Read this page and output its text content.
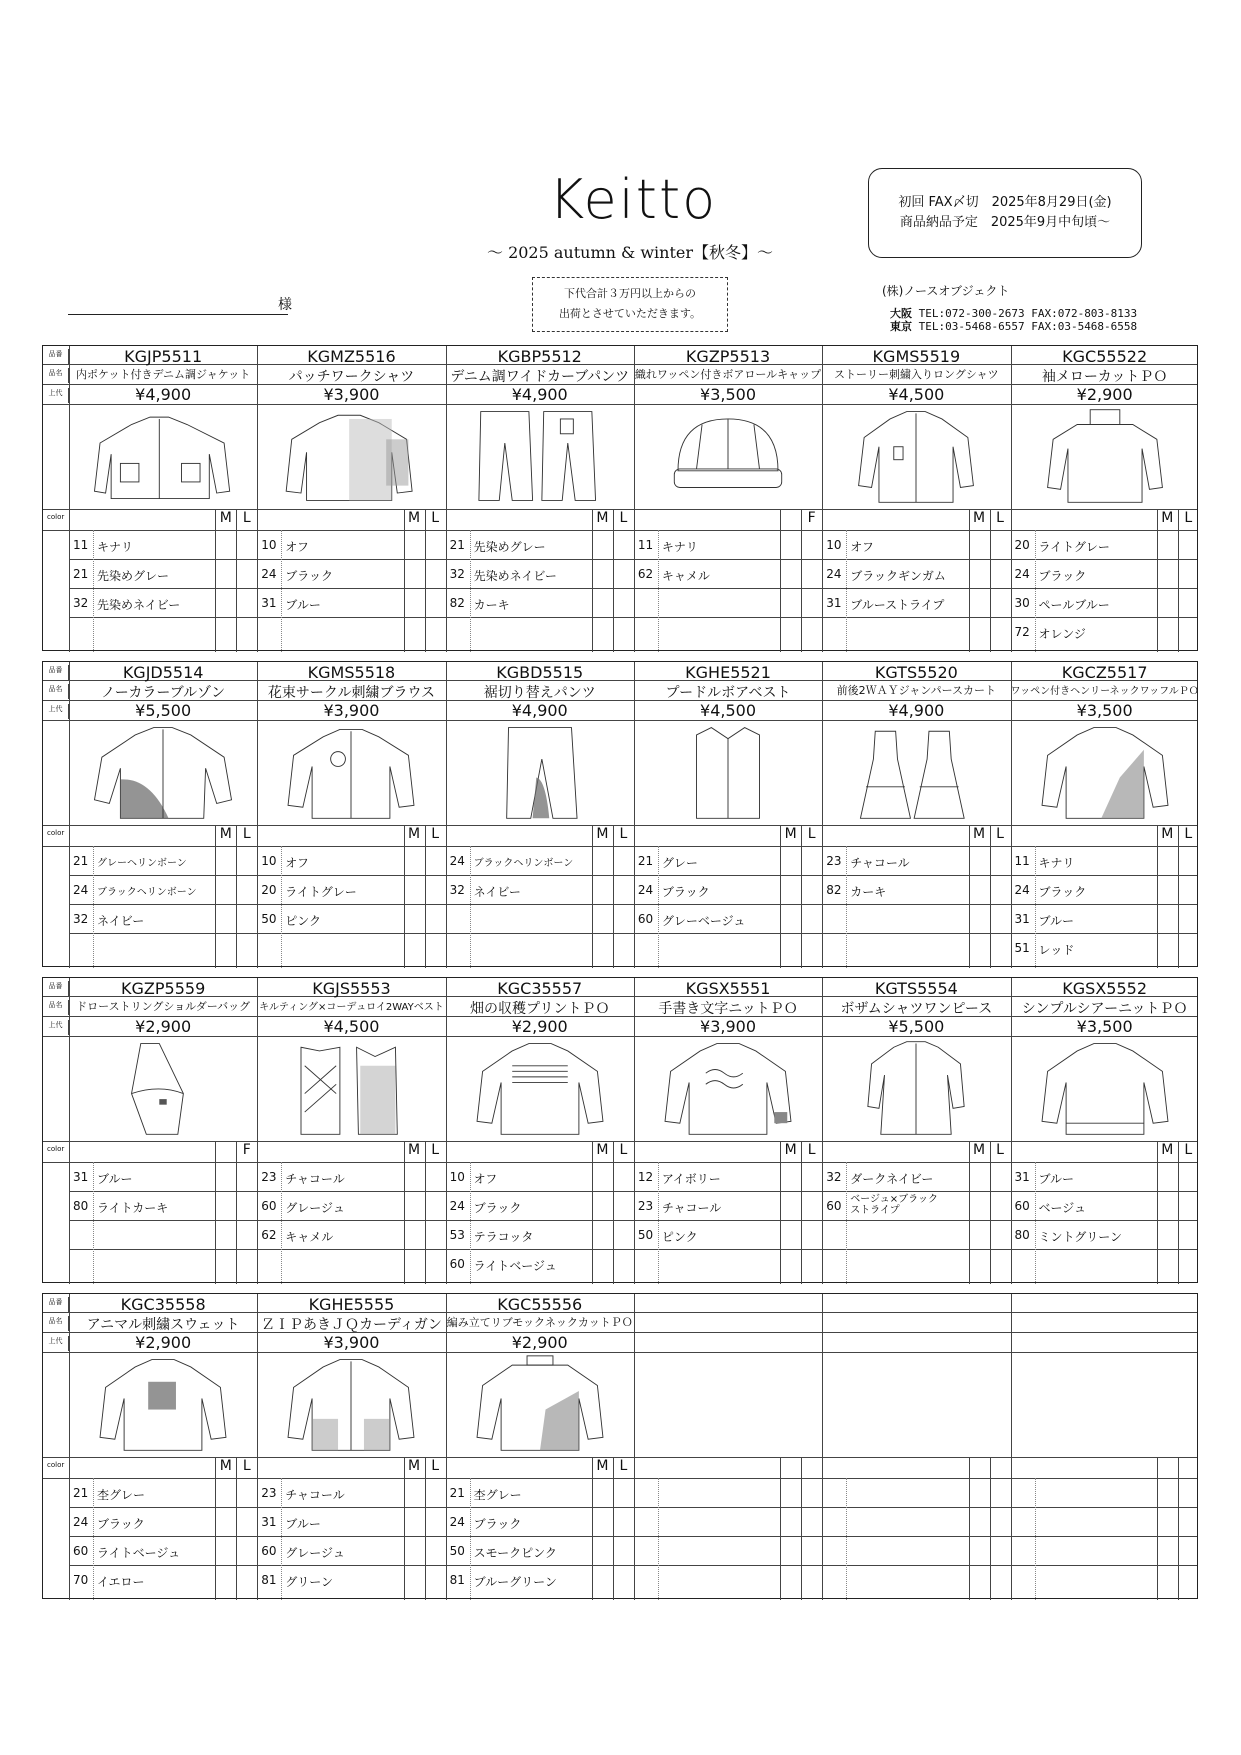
Keitto
～ 2025 autumn & winter【秋冬】～
初回 FAX〆切　2025年8月29日(金)
商品納品予定　2025年9月中旬頃～
下代合計３万円以上からの
出荷とさせていただきます。
様
(株)ノースオブジェクト
大阪 TEL:072-300-2673 FAX:072-803-8133
東京 TEL:03-5468-6557 FAX:03-5468-6558
品番
品名
上代
color
KGJP5511
内ポケット付きデニム調ジャケット
¥4,900
M L
11 キナリ
21 先染めグレー
32 先染めネイビー
KGMZ5516
パッチワークシャツ
¥3,900
M L
10 オフ
24 ブラック
31 ブルー
KGBP5512
デニム調ワイドカーブパンツ
¥4,900
M L
21 先染めグレー
32 先染めネイビー
82 カーキ
KGZP5513
織れワッペン付きボアロールキャップ
¥3,500
F
11 キナリ
62 キャメル
KGMS5519
ストーリー刺繍入りロングシャツ
¥4,500
M L
10 オフ
24 ブラックギンガム
31 ブルーストライプ
KGC55522
袖メローカットＰＯ
¥2,900
M L
20 ライトグレー
24 ブラック
30 ペールブルー
72 オレンジ
品番
品名
上代
color
KGJD5514
ノーカラーブルゾン
¥5,500
M L
21 グレーヘリンボーン
24 ブラックヘリンボーン
32 ネイビー
KGMS5518
花束サークル刺繍ブラウス
¥3,900
M L
10 オフ
20 ライトグレー
50 ピンク
KGBD5515
裾切り替えパンツ
¥4,900
M L
24 ブラックヘリンボーン
32 ネイビー
KGHE5521
プードルボアベスト
¥4,500
M L
21 グレー
24 ブラック
60 グレーベージュ
KGTS5520
前後2ＷＡＹジャンパースカート
¥4,900
M L
23 チャコール
82 カーキ
KGCZ5517
ワッペン付きヘンリーネックワッフルＰＯ
¥3,500
M L
11 キナリ
24 ブラック
31 ブルー
51 レッド
品番
品名
上代
color
KGZP5559
ドローストリングショルダーバッグ
¥2,900
F
31 ブルー
80 ライトカーキ
KGJS5553
キルティング×コーデュロイ2WAYベスト
¥4,500
M L
23 チャコール
60 グレージュ
62 キャメル
KGC35557
畑の収穫プリントＰＯ
¥2,900
M L
10 オフ
24 ブラック
53 テラコッタ
60 ライトベージュ
KGSX5551
手書き文字ニットＰＯ
¥3,900
M L
12 アイボリー
23 チャコール
50 ピンク
KGTS5554
ボザムシャツワンピース
¥5,500
M L
32 ダークネイビー
60 ベージュ×ブラック
ストライプ
KGSX5552
シンプルシアーニットＰＯ
¥3,500
M L
31 ブルー
60 ベージュ
80 ミントグリーン
品番
品名
上代
color
KGC35558
アニマル刺繍スウェット
¥2,900
M L
21 杢グレー
24 ブラック
60 ライトベージュ
70 イエロー
KGHE5555
ＺＩＰあきＪＱカーディガン
¥3,900
M L
23 チャコール
31 ブルー
60 グレージュ
81 グリーン
KGC55556
編み立てリブモックネックカットＰＯ
¥2,900
M L
21 杢グレー
24 ブラック
50 スモークピンク
81 ブルーグリーン
